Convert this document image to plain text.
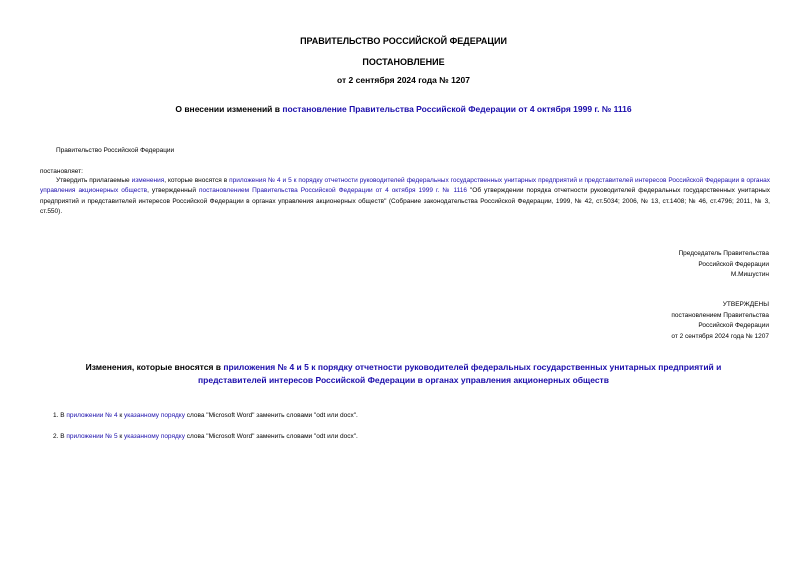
ПРАВИТЕЛЬСТВО РОССИЙСКОЙ ФЕДЕРАЦИИ
ПОСТАНОВЛЕНИЕ
от 2 сентября 2024 года № 1207
О внесении изменений в постановление Правительства Российской Федерации от 4 октября 1999 г. № 1116
Правительство Российской Федерации
постановляет:
Утвердить прилагаемые изменения, которые вносятся в приложения № 4 и 5 к порядку отчетности руководителей федеральных государственных унитарных предприятий и представителей интересов Российской Федерации в органах управления акционерных обществ, утвержденный постановлением Правительства Российской Федерации от 4 октября 1999 г. № 1116 "Об утверждении порядка отчетности руководителей федеральных государственных унитарных предприятий и представителей интересов Российской Федерации в органах управления акционерных обществ" (Собрание законодательства Российской Федерации, 1999, № 42, ст.5034; 2006, № 13, ст.1408; № 46, ст.4796; 2011, № 3, ст.550).
Председатель Правительства
Российской Федерации
М.Мишустин
УТВЕРЖДЕНЫ
постановлением Правительства
Российской Федерации
от 2 сентября 2024 года № 1207
Изменения, которые вносятся в приложения № 4 и 5 к порядку отчетности руководителей федеральных государственных унитарных предприятий и представителей интересов Российской Федерации в органах управления акционерных обществ
1. В приложении № 4 к указанному порядку слова "Microsoft Word" заменить словами "odt или docx".
2. В приложении № 5 к указанному порядку слова "Microsoft Word" заменить словами "odt или docx".
